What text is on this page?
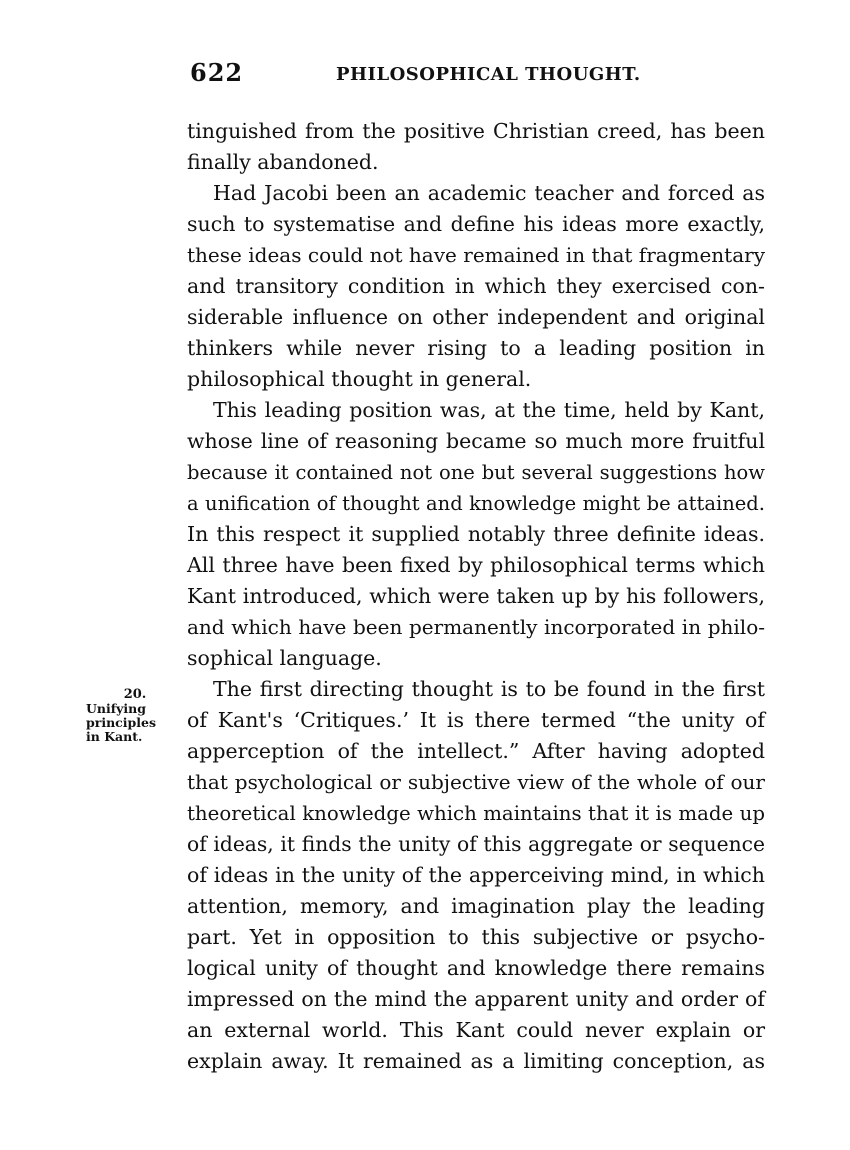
622	PHILOSOPHICAL THOUGHT.
20.
Unifying
principles
in Kant.
tinguished from the positive Christian creed, has been
finally abandoned.
Had Jacobi been an academic teacher and forced as
such to systematise and define his ideas more exactly,
these ideas could not have remained in that fragmentary
and transitory condition in which they exercised con-
siderable influence on other independent and original
thinkers while never rising to a leading position in
philosophical thought in general.
This leading position was, at the time, held by Kant,
whose line of reasoning became so much more fruitful
because it contained not one but several suggestions how
a unification of thought and knowledge might be attained.
In this respect it supplied notably three definite ideas.
All three have been fixed by philosophical terms which
Kant introduced, which were taken up by his followers,
and which have been permanently incorporated in philo-
sophical language.
The first directing thought is to be found in the first
of Kant's ‘Critiques.’ It is there termed “the unity of
apperception of the intellect.” After having adopted
that psychological or subjective view of the whole of our
theoretical knowledge which maintains that it is made up
of ideas, it finds the unity of this aggregate or sequence
of ideas in the unity of the apperceiving mind, in which
attention, memory, and imagination play the leading
part. Yet in opposition to this subjective or psycho-
logical unity of thought and knowledge there remains
impressed on the mind the apparent unity and order of
an external world. This Kant could never explain or
explain away. It remained as a limiting conception, as
